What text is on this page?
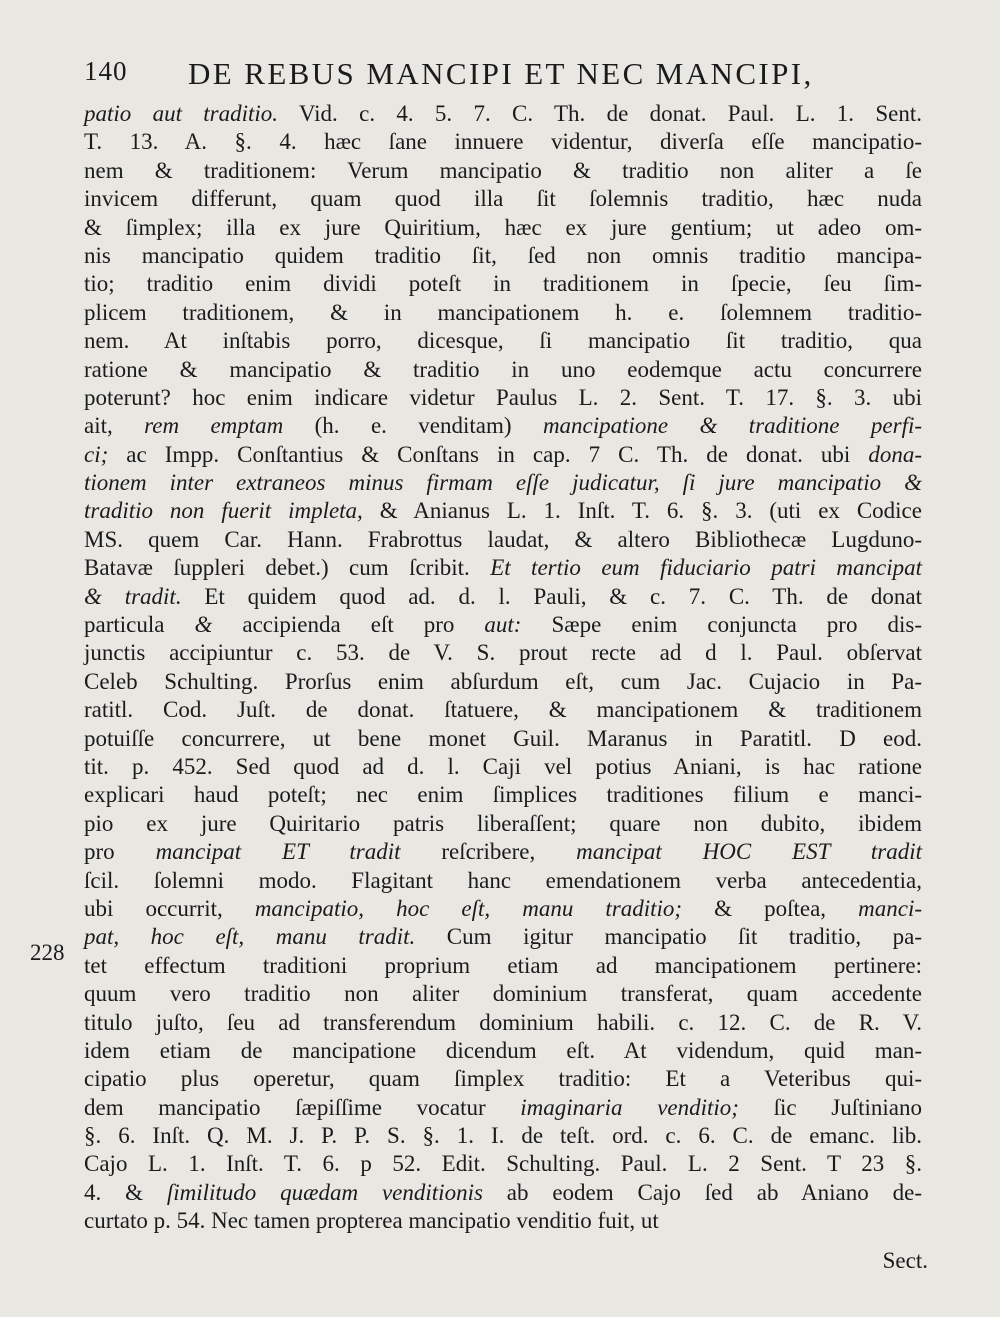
140 DE REBUS MANCIPI ET NEC MANCIPI,
patio aut traditio. Vid. c. 4. 5. 7. C. Th. de donat. Paul. L. 1. Sent.
T. 13. A. §. 4. hæc ſane innuere videntur, diverſa eſſe mancipatio-
nem & traditionem: Verum mancipatio & traditio non aliter a ſe
invicem differunt, quam quod illa ſit ſolemnis traditio, hæc nuda
& ſimplex; illa ex jure Quiritium, hæc ex jure gentium; ut adeo om-
nis mancipatio quidem traditio ſit, ſed non omnis traditio mancipa-
tio; traditio enim dividi poteſt in traditionem in ſpecie, ſeu ſim-
plicem traditionem, & in mancipationem h. e. ſolemnem traditio-
nem. At inſtabis porro, dicesque, ſi mancipatio ſit traditio, qua
ratione & mancipatio & traditio in uno eodemque actu concurrere
poterunt? hoc enim indicare videtur Paulus L. 2. Sent. T. 17. §. 3. ubi
ait, rem emptam (h. e. venditam) mancipatione & traditione perfi-
ci; ac Impp. Conſtantius & Conſtans in cap. 7 C. Th. de donat. ubi dona-
tionem inter extraneos minus firmam eſſe judicatur, ſi jure mancipatio &
traditio non fuerit impleta, & Anianus L. 1. Inſt. T. 6. §. 3. (uti ex Codice
MS. quem Car. Hann. Frabrottus laudat, & altero Bibliothecæ Lugduno-
Batavæ ſuppleri debet.) cum ſcribit. Et tertio eum fiduciario patri mancipat
& tradit. Et quidem quod ad. d. l. Pauli, & c. 7. C. Th. de donat
particula & accipienda eſt pro aut: Sæpe enim conjuncta pro dis-
junctis accipiuntur c. 53. de V. S. prout recte ad d l. Paul. obſervat
Celeb Schulting. Prorſus enim abſurdum eſt, cum Jac. Cujacio in Pa-
ratitl. Cod. Juſt. de donat. ſtatuere, & mancipationem & traditionem
potuiſſe concurrere, ut bene monet Guil. Maranus in Paratitl. D eod.
tit. p. 452. Sed quod ad d. l. Caji vel potius Aniani, is hac ratione
explicari haud poteſt; nec enim ſimplices traditiones filium e manci-
pio ex jure Quiritario patris liberaſſent; quare non dubito, ibidem
pro mancipat ET tradit reſcribere, mancipat HOC EST tradit
ſcil. ſolemni modo. Flagitant hanc emendationem verba antecedentia,
ubi occurrit, mancipatio, hoc eſt, manu traditio; & poſtea, manci-
pat, hoc eſt, manu tradit. Cum igitur mancipatio ſit traditio, pa-
tet effectum traditioni proprium etiam ad mancipationem pertinere:
quum vero traditio non aliter dominium transferat, quam accedente
titulo juſto, ſeu ad transferendum dominium habili. c. 12. C. de R. V.
idem etiam de mancipatione dicendum eſt. At videndum, quid man-
cipatio plus operetur, quam ſimplex traditio: Et a Veteribus qui-
dem mancipatio ſæpiſſime vocatur imaginaria venditio; ſic Juſtiniano
§. 6. Inſt. Q. M. J. P. P. S. §. 1. I. de teſt. ord. c. 6. C. de emanc. lib.
Cajo L. 1. Inſt. T. 6. p 52. Edit. Schulting. Paul. L. 2 Sent. T 23 §.
4. & ſimilitudo quædam venditionis ab eodem Cajo ſed ab Aniano de-
curtato p. 54. Nec tamen propterea mancipatio venditio fuit, ut
228
Sect.
